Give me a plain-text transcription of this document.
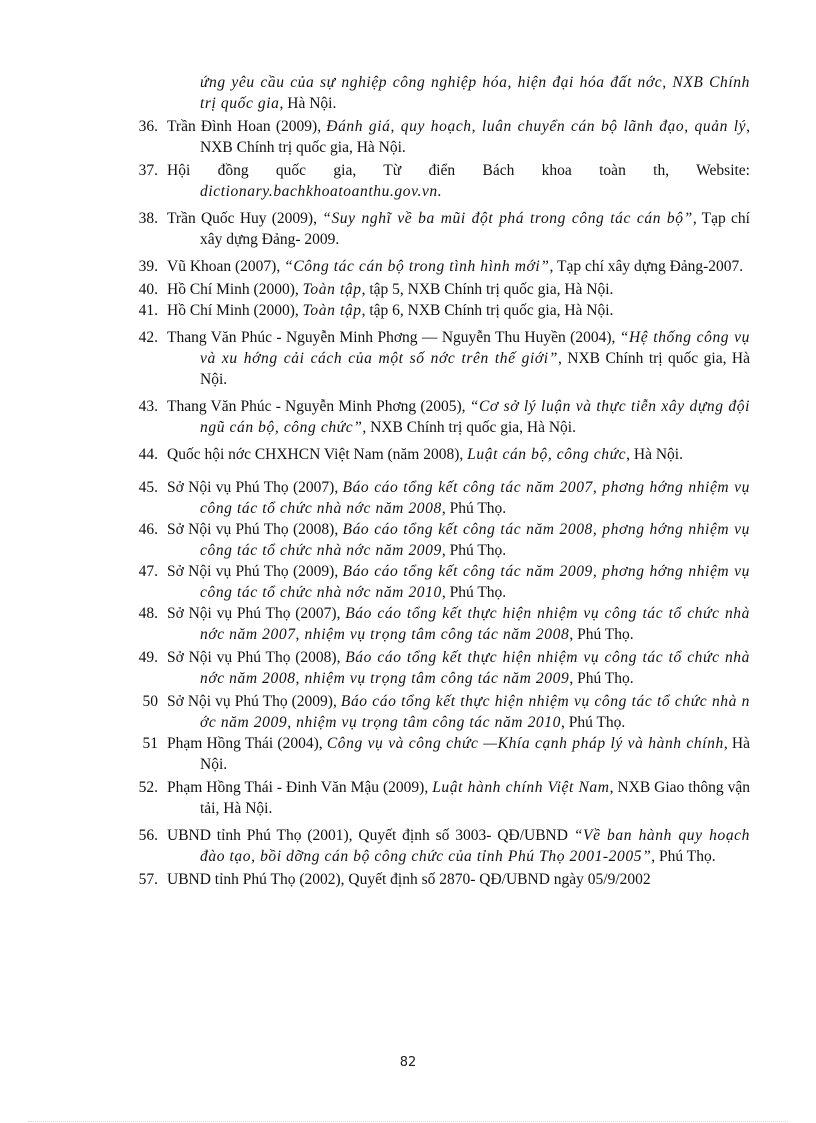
ứng yêu cầu của sự nghiệp công nghiệp hóa, hiện đại hóa đất nớc, NXB Chính trị quốc gia, Hà Nội.
36. Trần Đình Hoan (2009), Đánh giá, quy hoạch, luân chuyển cán bộ lãnh đạo, quản lý, NXB Chính trị quốc gia, Hà Nội.
37. Hội đồng quốc gia, Từ điển Bách khoa toàn th, Website: dictionary.bachkhoatoanthu.gov.vn.
38. Trần Quốc Huy (2009), “Suy nghĩ về ba mũi đột phá trong công tác cán bộ”, Tạp chí xây dựng Đảng- 2009.
39. Vũ Khoan (2007), “Công tác cán bộ trong tình hình mới”, Tạp chí xây dựng Đảng-2007.
40. Hồ Chí Minh (2000), Toàn tập, tập 5, NXB Chính trị quốc gia, Hà Nội.
41. Hồ Chí Minh (2000), Toàn tập, tập 6, NXB Chính trị quốc gia, Hà Nội.
42. Thang Văn Phúc - Nguyễn Minh Phơng — Nguyễn Thu Huyền (2004), “Hệ thống công vụ và xu hớng cải cách của một số nớc trên thế giới”, NXB Chính trị quốc gia, Hà Nội.
43. Thang Văn Phúc - Nguyễn Minh Phơng (2005), “Cơ sở lý luận và thực tiễn xây dựng đội ngũ cán bộ, công chức”, NXB Chính trị quốc gia, Hà Nội.
44. Quốc hội nớc CHXHCN Việt Nam (năm 2008), Luật cán bộ, công chức, Hà Nội.
45. Sở Nội vụ Phú Thọ (2007), Báo cáo tổng kết công tác năm 2007, phơng hớng nhiệm vụ công tác tổ chức nhà nớc năm 2008, Phú Thọ.
46. Sở Nội vụ Phú Thọ (2008), Báo cáo tổng kết công tác năm 2008, phơng hớng nhiệm vụ công tác tổ chức nhà nớc năm 2009, Phú Thọ.
47. Sở Nội vụ Phú Thọ (2009), Báo cáo tổng kết công tác năm 2009, phơng hớng nhiệm vụ công tác tổ chức nhà nớc năm 2010, Phú Thọ.
48. Sở Nội vụ Phú Thọ (2007), Báo cáo tổng kết thực hiện nhiệm vụ công tác tổ chức nhà nớc năm 2007, nhiệm vụ trọng tâm công tác năm 2008, Phú Thọ.
49. Sở Nội vụ Phú Thọ (2008), Báo cáo tổng kết thực hiện nhiệm vụ công tác tổ chức nhà nớc năm 2008, nhiệm vụ trọng tâm công tác năm 2009, Phú Thọ.
50 Sở Nội vụ Phú Thọ (2009), Báo cáo tổng kết thực hiện nhiệm vụ công tác tổ chức nhà n ớc năm 2009, nhiệm vụ trọng tâm công tác năm 2010, Phú Thọ.
51 Phạm Hồng Thái (2004), Công vụ và công chức —Khía cạnh pháp lý và hành chính, Hà Nội.
52. Phạm Hồng Thái - Đinh Văn Mậu (2009), Luật hành chính Việt Nam, NXB Giao thông vận tải, Hà Nội.
56. UBND tỉnh Phú Thọ (2001), Quyết định số 3003- QĐ/UBND “Về ban hành quy hoạch đào tạo, bồi dỡng cán bộ công chức của tỉnh Phú Thọ 2001-2005”, Phú Thọ.
57. UBND tỉnh Phú Thọ (2002), Quyết định số 2870- QĐ/UBND ngày 05/9/2002
82
